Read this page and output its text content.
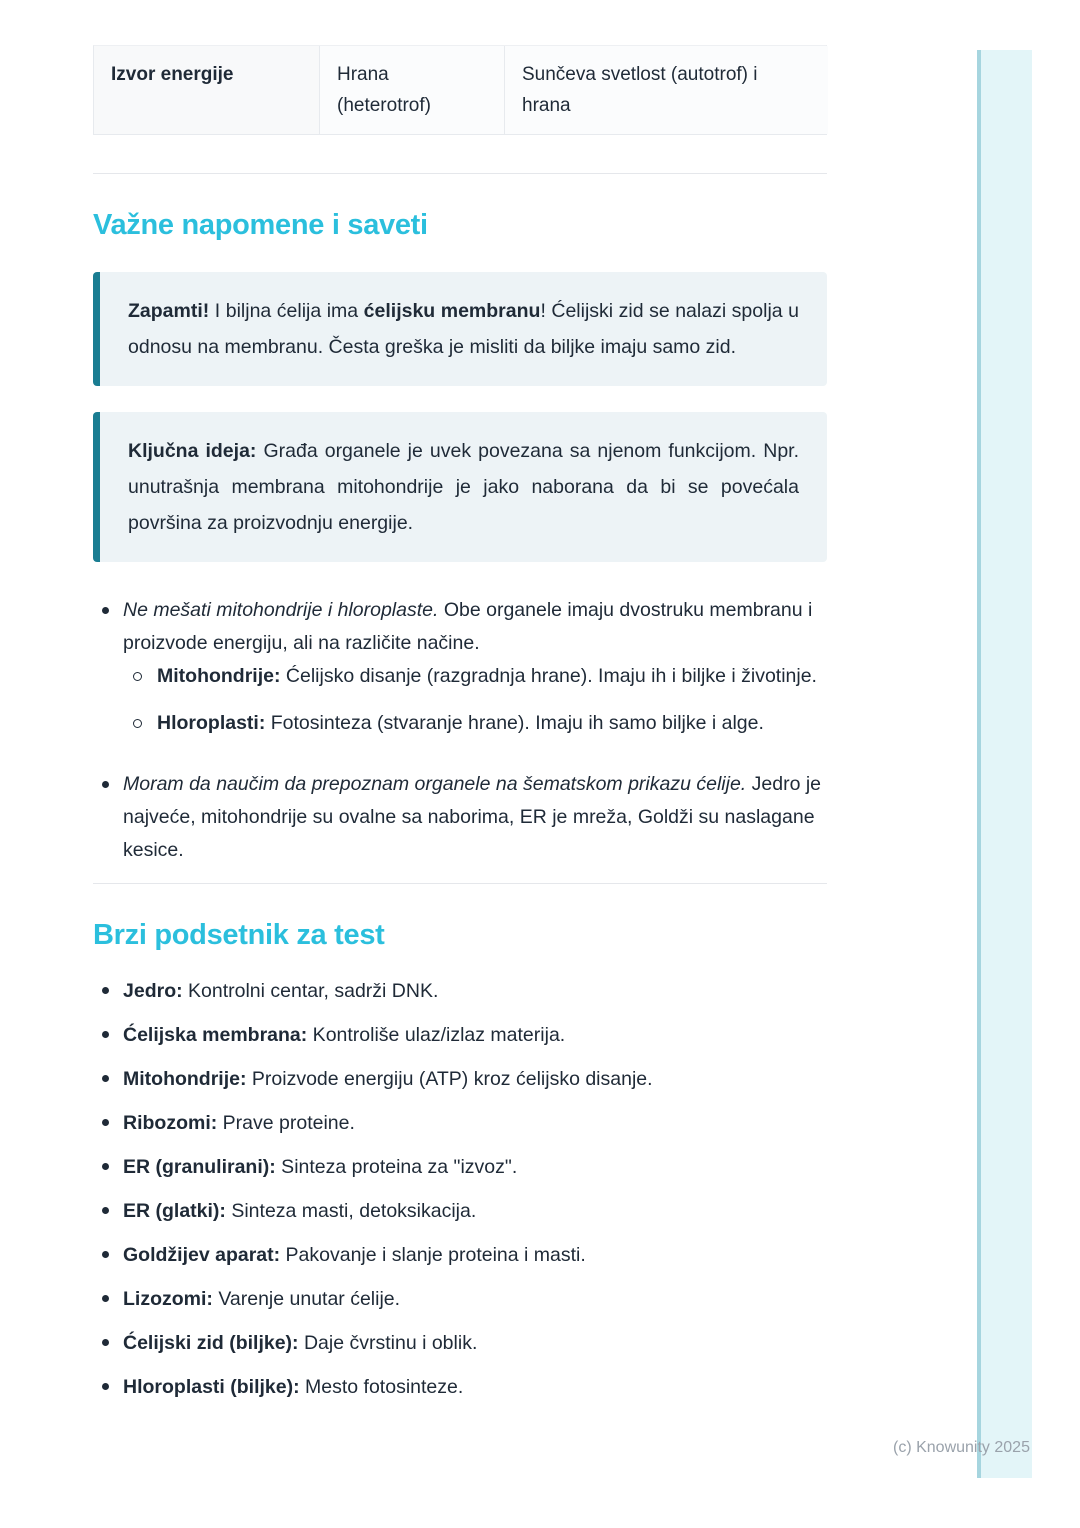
Izvor energije	Hrana (heterotrof)
Sunčeva svetlost (autotrof) i hrana
Važne napomene i saveti

Zapamti! I biljna ćelija ima ćelijsku membranu! Ćelijski zid se nalazi spolja u odnosu na membranu. Česta greška je misliti da biljke imaju samo zid.

Ključna ideja: Građa organele je uvek povezana sa njenom funkcijom. Npr. unutrašnja membrana mitohondrije je jako naborana da bi se povećala površina za proizvodnju energije.

Ne mešati mitohondrije i hloroplaste. Obe organele imaju dvostruku membranu i proizvode energiju, ali na različite načine.
Mitohondrije: Ćelijsko disanje (razgradnja hrane). Imaju ih i biljke i životinje.
Hloroplasti: Fotosinteza (stvaranje hrane). Imaju ih samo biljke i alge.
Moram da naučim da prepoznam organele na šematskom prikazu ćelije. Jedro je najveće, mitohondrije su ovalne sa naborima, ER je mreža, Goldži su naslagane kesice.
Brzi podsetnik za test
Jedro: Kontrolni centar, sadrži DNK.
Ćelijska membrana: Kontroliše ulaz/izlaz materija.
Mitohondrije: Proizvode energiju (ATP) kroz ćelijsko disanje.
Ribozomi: Prave proteine.
ER (granulirani): Sinteza proteina za "izvoz".
ER (glatki): Sinteza masti, detoksikacija.
Goldžijev aparat: Pakovanje i slanje proteina i masti.
Lizozomi: Varenje unutar ćelije.
Ćelijski zid (biljke): Daje čvrstinu i oblik.
Hloroplasti (biljke): Mesto fotosinteze.
(c) Knowunity 2025
